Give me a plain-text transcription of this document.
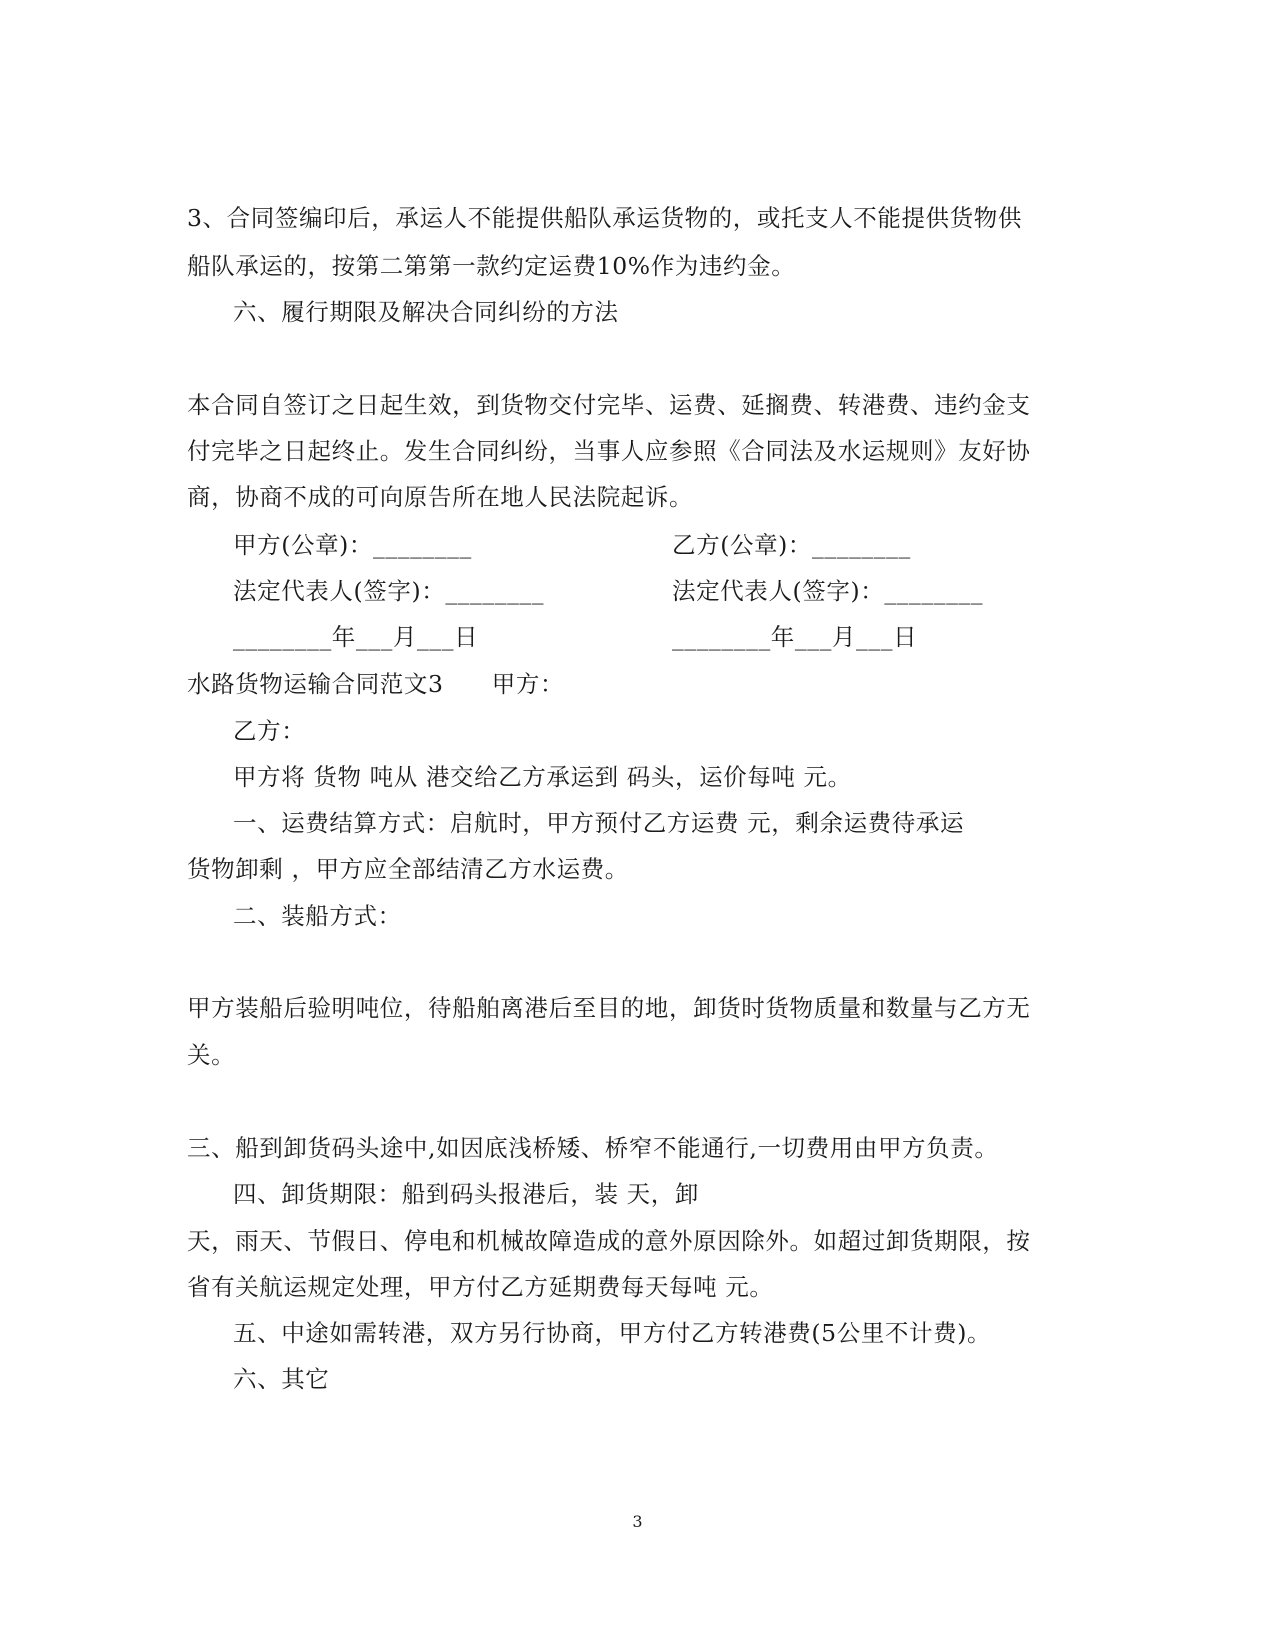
3、合同签编印后，承运人不能提供船队承运货物的，或托支人不能提供货物供
船队承运的，按第二第第一款约定运费10%作为违约金。
六、履行期限及解决合同纠纷的方法
本合同自签订之日起生效，到货物交付完毕、运费、延搁费、转港费、违约金支
付完毕之日起终止。发生合同纠纷，当事人应参照《合同法及水运规则》友好协
商，协商不成的可向原告所在地人民法院起诉。
甲方(公章)：________	乙方(公章)：________
法定代表人(签字)：________	法定代表人(签字)：________
________年___月___日	________年___月___日
水路货物运输合同范文3　　甲方：
乙方：
甲方将 货物 吨从 港交给乙方承运到 码头，运价每吨 元。
一、运费结算方式：启航时，甲方预付乙方运费 元，剩余运费待承运
货物卸剩 ，甲方应全部结清乙方水运费。
二、装船方式：
甲方装船后验明吨位，待船舶离港后至目的地，卸货时货物质量和数量与乙方无
关。
三、船到卸货码头途中,如因底浅桥矮、桥窄不能通行,一切费用由甲方负责。
四、卸货期限：船到码头报港后，装 天，卸
天，雨天、节假日、停电和机械故障造成的意外原因除外。如超过卸货期限，按
省有关航运规定处理，甲方付乙方延期费每天每吨 元。
五、中途如需转港，双方另行协商，甲方付乙方转港费(5公里不计费)。
六、其它
3
